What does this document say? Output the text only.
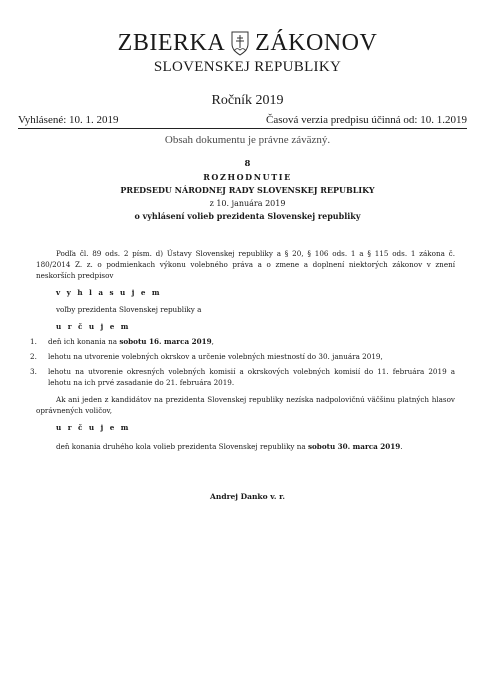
ZBIERKA ZÁKONOV
SLOVENSKEJ REPUBLIKY
Ročník 2019
Vyhlásené: 10. 1. 2019	Časová verzia predpisu účinná od: 10. 1.2019
Obsah dokumentu je právne záväzný.
8
ROZHODNUTIE
PREDSEDU NÁRODNEJ RADY SLOVENSKEJ REPUBLIKY
z 10. januára 2019
o vyhlásení volieb prezidenta Slovenskej republiky

Podľa čl. 89 ods. 2 písm. d) Ústavy Slovenskej republiky a § 20, § 106 ods. 1 a § 115 ods. 1 zákona č. 180/2014 Z. z. o podmienkach výkonu volebného práva a o zmene a doplnení niektorých zákonov v znení neskorších predpisov

v y h l a s u j e m

voľby prezidenta Slovenskej republiky a

u r č u j e m

1. deň ich konania na sobotu 16. marca 2019,
2. lehotu na utvorenie volebných okrskov a určenie volebných miestností do 30. januára 2019,
3. lehotu na utvorenie okresných volebných komisií a okrskových volebných komisií do 11. februára 2019 a lehotu na ich prvé zasadanie do 21. februára 2019.

Ak ani jeden z kandidátov na prezidenta Slovenskej republiky nezíska nadpolovičnú väčšinu platných hlasov oprávnených voličov,

u r č u j e m

deň konania druhého kola volieb prezidenta Slovenskej republiky na sobotu 30. marca 2019.

Andrej Danko v. r.
